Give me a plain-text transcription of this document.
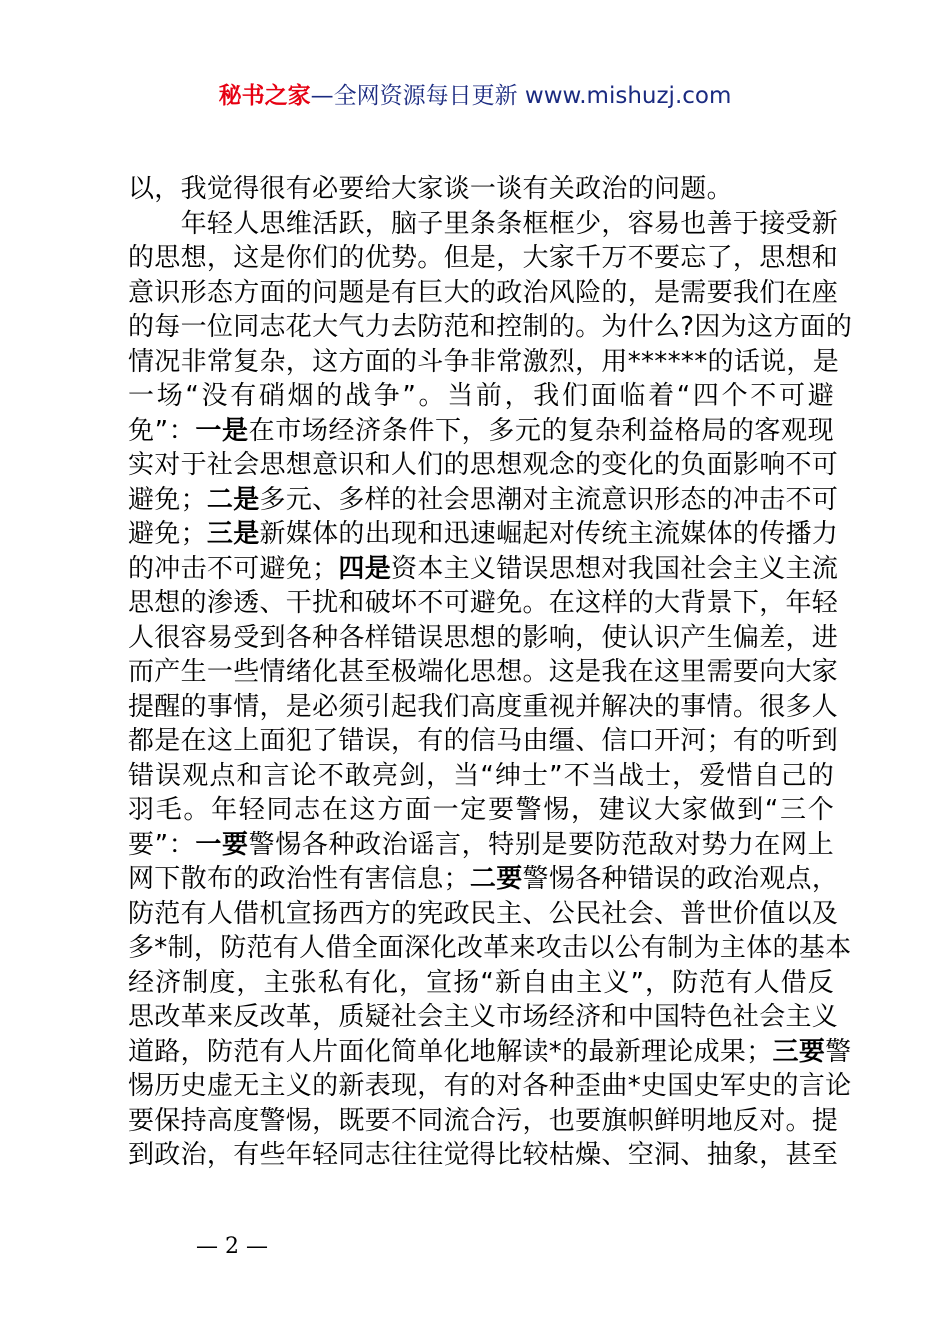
秘书之家—全网资源每日更新 www.mishuzj.com
以，我觉得很有必要给大家谈一谈有关政治的问题。
　　年轻人思维活跃，脑子里条条框框少，容易也善于接受新
的思想，这是你们的优势。但是，大家千万不要忘了，思想和
意识形态方面的问题是有巨大的政治风险的，是需要我们在座
的每一位同志花大气力去防范和控制的。为什么?因为这方面的
情况非常复杂，这方面的斗争非常激烈，用******的话说，是
一场“没有硝烟的战争”。当前，我们面临着“四个不可避
免”：一是在市场经济条件下，多元的复杂利益格局的客观现
实对于社会思想意识和人们的思想观念的变化的负面影响不可
避免；二是多元、多样的社会思潮对主流意识形态的冲击不可
避免；三是新媒体的出现和迅速崛起对传统主流媒体的传播力
的冲击不可避免；四是资本主义错误思想对我国社会主义主流
思想的渗透、干扰和破坏不可避免。在这样的大背景下，年轻
人很容易受到各种各样错误思想的影响，使认识产生偏差，进
而产生一些情绪化甚至极端化思想。这是我在这里需要向大家
提醒的事情，是必须引起我们高度重视并解决的事情。很多人
都是在这上面犯了错误，有的信马由缰、信口开河；有的听到
错误观点和言论不敢亮剑，当“绅士”不当战士，爱惜自己的
羽毛。年轻同志在这方面一定要警惕，建议大家做到“三个
要”：一要警惕各种政治谣言，特别是要防范敌对势力在网上
网下散布的政治性有害信息；二要警惕各种错误的政治观点，
防范有人借机宣扬西方的宪政民主、公民社会、普世价值以及
多*制，防范有人借全面深化改革来攻击以公有制为主体的基本
经济制度，主张私有化，宣扬“新自由主义”，防范有人借反
思改革来反改革，质疑社会主义市场经济和中国特色社会主义
道路，防范有人片面化简单化地解读*的最新理论成果；三要警
惕历史虚无主义的新表现，有的对各种歪曲*史国史军史的言论
要保持高度警惕，既要不同流合污，也要旗帜鲜明地反对。提
到政治，有些年轻同志往往觉得比较枯燥、空洞、抽象，甚至
— 2 —
